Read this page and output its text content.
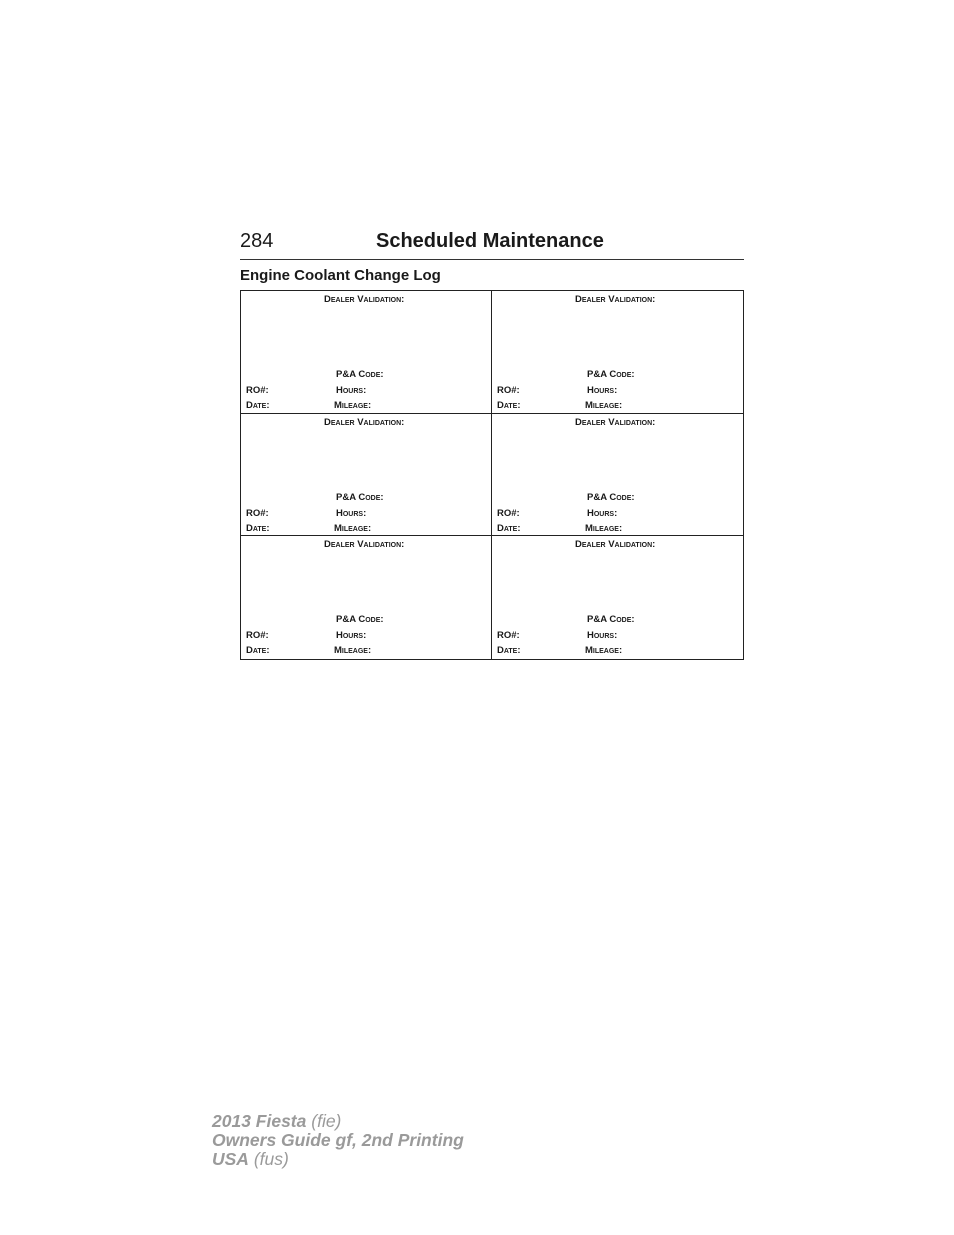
284	Scheduled Maintenance
Engine Coolant Change Log
Dealer Validation:
P&A Code:
RO#:	Hours:
Date:	Mileage:
Dealer Validation:
P&A Code:
RO#:	Hours:
Date:	Mileage:
Dealer Validation:
P&A Code:
RO#:	Hours:
Date:	Mileage:
Dealer Validation:
P&A Code:
RO#:	Hours:
Date:	Mileage:
Dealer Validation:
P&A Code:
RO#:	Hours:
Date:	Mileage:
Dealer Validation:
P&A Code:
RO#:	Hours:
Date:	Mileage:
2013 Fiesta (fie)
Owners Guide gf, 2nd Printing
USA (fus)
